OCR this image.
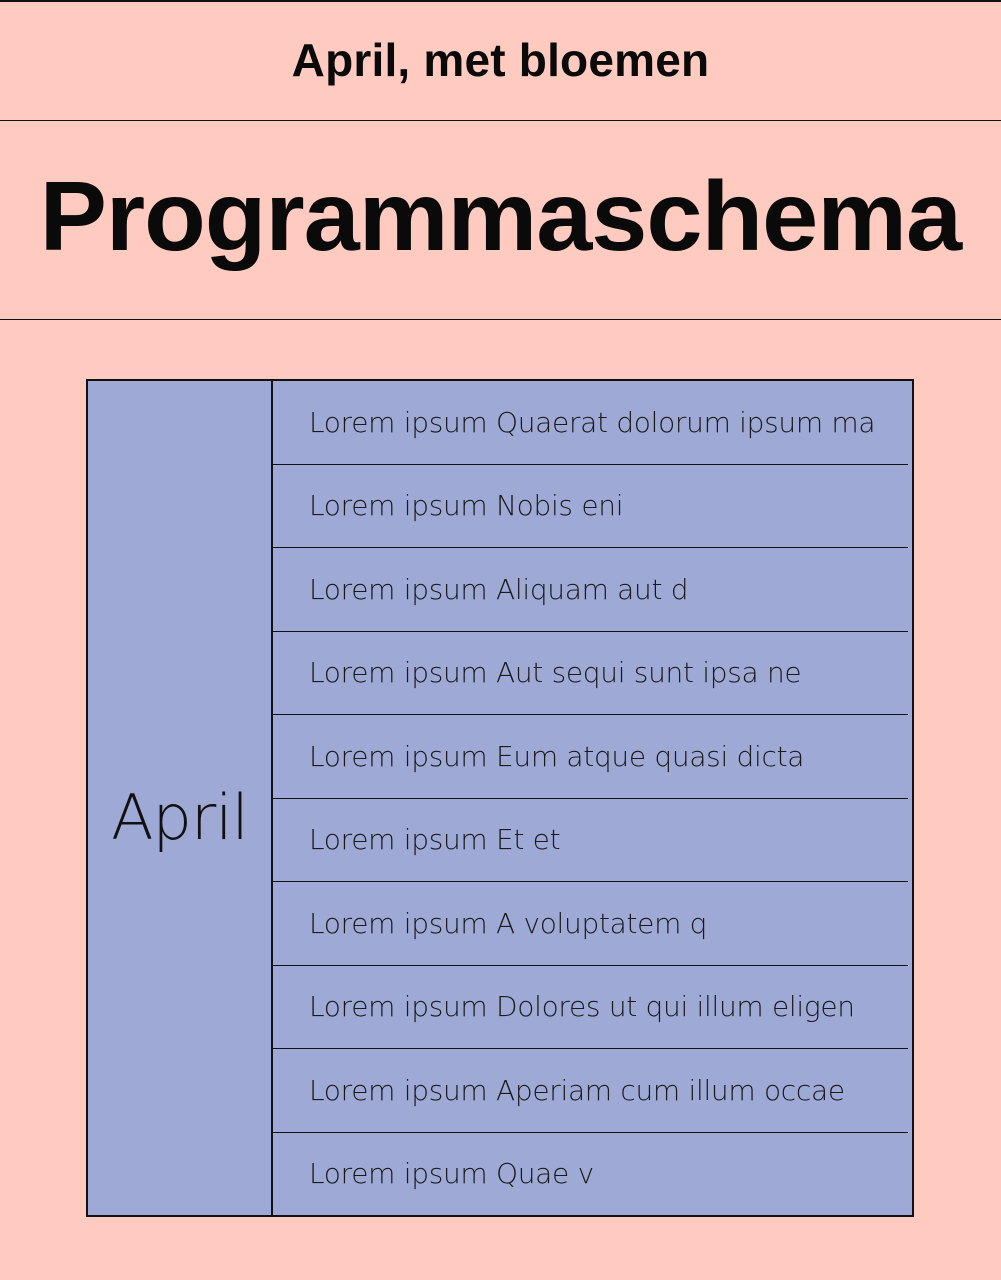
April, met bloemen
Programmaschema
April
Lorem ipsum Quaerat dolorum ipsum ma
Lorem ipsum Nobis eni
Lorem ipsum Aliquam aut d
Lorem ipsum Aut sequi sunt ipsa ne
Lorem ipsum Eum atque quasi dicta
Lorem ipsum Et et
Lorem ipsum A voluptatem q
Lorem ipsum Dolores ut qui illum eligen
Lorem ipsum Aperiam cum illum occae
Lorem ipsum Quae v
